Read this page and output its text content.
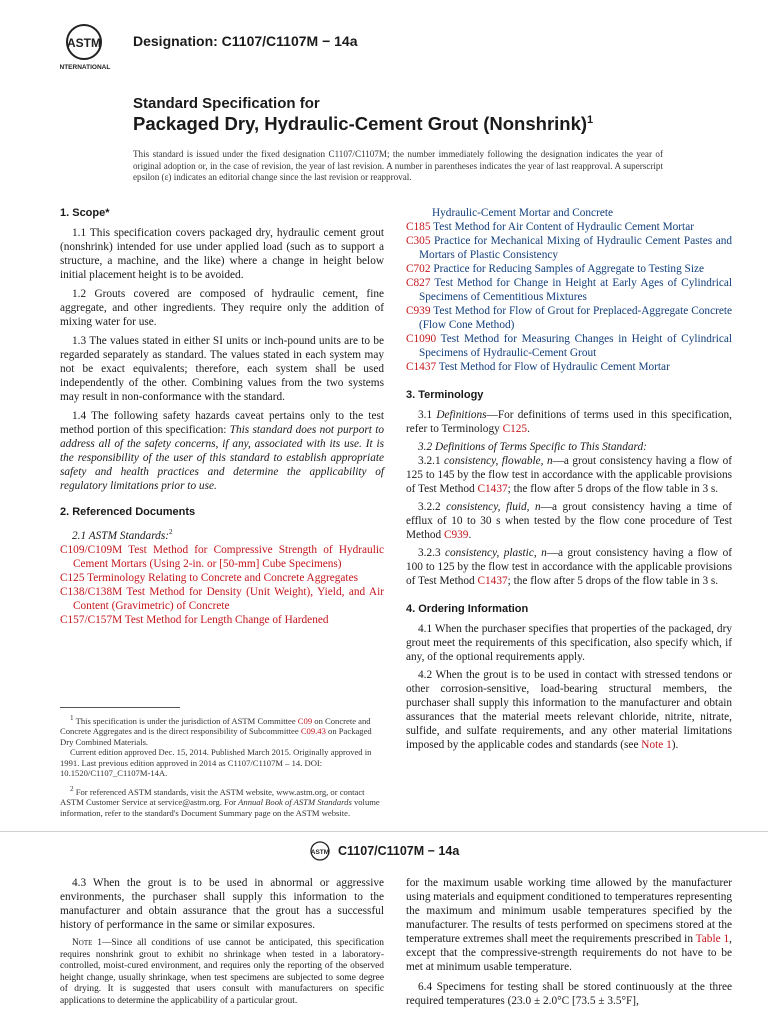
ASTM
INTERNATIONAL
Designation: C1107/C1107M − 14a
Standard Specification for
Packaged Dry, Hydraulic-Cement Grout (Nonshrink)$^1$
This standard is issued under the fixed designation C1107/C1107M; the number immediately following the designation indicates the year of original adoption or, in the case of revision, the year of last revision. A number in parentheses indicates the year of last reapproval. A superscript epsilon (ε) indicates an editorial change since the last revision or reapproval.

1. Scope*

1.1 This specification covers packaged dry, hydraulic cement grout (nonshrink) intended for use under applied load (such as to support a structure, a machine, and the like) where a change in height below initial placement height is to be avoided.

1.2 Grouts covered are composed of hydraulic cement, fine aggregate, and other ingredients. They require only the addition of mixing water for use.

1.3 The values stated in either SI units or inch-pound units are to be regarded separately as standard. The values stated in each system may not be exact equivalents; therefore, each system shall be used independently of the other. Combining values from the two systems may result in non-conformance with the standard.

1.4 The following safety hazards caveat pertains only to the test method portion of this specification: This standard does not purport to address all of the safety concerns, if any, associated with its use. It is the responsibility of the user of this standard to establish appropriate safety and health practices and determine the applicability of regulatory limitations prior to use.

2. Referenced Documents

2.1 ASTM Standards:$^2$

C109/C109M Test Method for Compressive Strength of Hydraulic Cement Mortars (Using 2-in. or [50-mm] Cube Specimens)

C125 Terminology Relating to Concrete and Concrete Aggregates

C138/C138M Test Method for Density (Unit Weight), Yield, and Air Content (Gravimetric) of Concrete

C157/C157M Test Method for Length Change of Hardened

$^1$ This specification is under the jurisdiction of ASTM Committee C09 on Concrete and Concrete Aggregates and is the direct responsibility of Subcommittee C09.43 on Packaged Dry Combined Materials.

Current edition approved Dec. 15, 2014. Published March 2015. Originally approved in 1991. Last previous edition approved in 2014 as C1107/C1107M – 14. DOI: 10.1520/C1107_C1107M-14A.

$^2$ For referenced ASTM standards, visit the ASTM website, www.astm.org, or contact ASTM Customer Service at service@astm.org. For Annual Book of ASTM Standards volume information, refer to the standard's Document Summary page on the ASTM website.

Hydraulic-Cement Mortar and Concrete

C185 Test Method for Air Content of Hydraulic Cement Mortar

C305 Practice for Mechanical Mixing of Hydraulic Cement Pastes and Mortars of Plastic Consistency

C702 Practice for Reducing Samples of Aggregate to Testing Size

C827 Test Method for Change in Height at Early Ages of Cylindrical Specimens of Cementitious Mixtures

C939 Test Method for Flow of Grout for Preplaced-Aggregate Concrete (Flow Cone Method)

C1090 Test Method for Measuring Changes in Height of Cylindrical Specimens of Hydraulic-Cement Grout

C1437 Test Method for Flow of Hydraulic Cement Mortar

3. Terminology

3.1 Definitions—For definitions of terms used in this specification, refer to Terminology C125.

3.2 Definitions of Terms Specific to This Standard:

3.2.1 consistency, flowable, n—a grout consistency having a flow of 125 to 145 by the flow test in accordance with the applicable provisions of Test Method C1437; the flow after 5 drops of the flow table in 3 s.

3.2.2 consistency, fluid, n—a grout consistency having a time of efflux of 10 to 30 s when tested by the flow cone procedure of Test Method C939.

3.2.3 consistency, plastic, n—a grout consistency having a flow of 100 to 125 by the flow test in accordance with the applicable provisions of Test Method C1437; the flow after 5 drops of the flow table in 3 s.

4. Ordering Information

4.1 When the purchaser specifies that properties of the packaged, dry grout meet the requirements of this specification, also specify which, if any, of the optional requirements apply.

4.2 When the grout is to be used in contact with stressed tendons or other corrosion-sensitive, load-bearing structural members, the purchaser shall supply this information to the manufacturer and obtain assurances that the material meets relevant chloride, nitrite, nitrate, sulfide, and sulfate requirements, and any other material limitations imposed by the applicable codes and standards (see Note 1).

ASTM C1107/C1107M − 14a

4.3 When the grout is to be used in abnormal or aggressive environments, the purchaser shall supply this information to the manufacturer and obtain assurance that the grout has a successful history of performance in the same or similar exposures.

Note 1—Since all conditions of use cannot be anticipated, this specification requires nonshrink grout to exhibit no shrinkage when tested in a laboratory-controlled, moist-cured environment, and requires only the reporting of the observed height change, usually shrinkage, when test specimens are subjected to some degree of drying. It is suggested that users consult with manufacturers on specific applications to determine the applicability of a particular grout.

for the maximum usable working time allowed by the manufacturer using materials and equipment conditioned to temperatures representing the maximum and minimum usable temperatures specified by the manufacturer. The results of tests performed on specimens stored at the temperature extremes shall meet the requirements prescribed in Table 1, except that the compressive-strength requirements do not have to be met at minimum usable temperature.

6.4 Specimens for testing shall be stored continuously at the three required temperatures (23.0 ± 2.0°C [73.5 ± 3.5°F],
